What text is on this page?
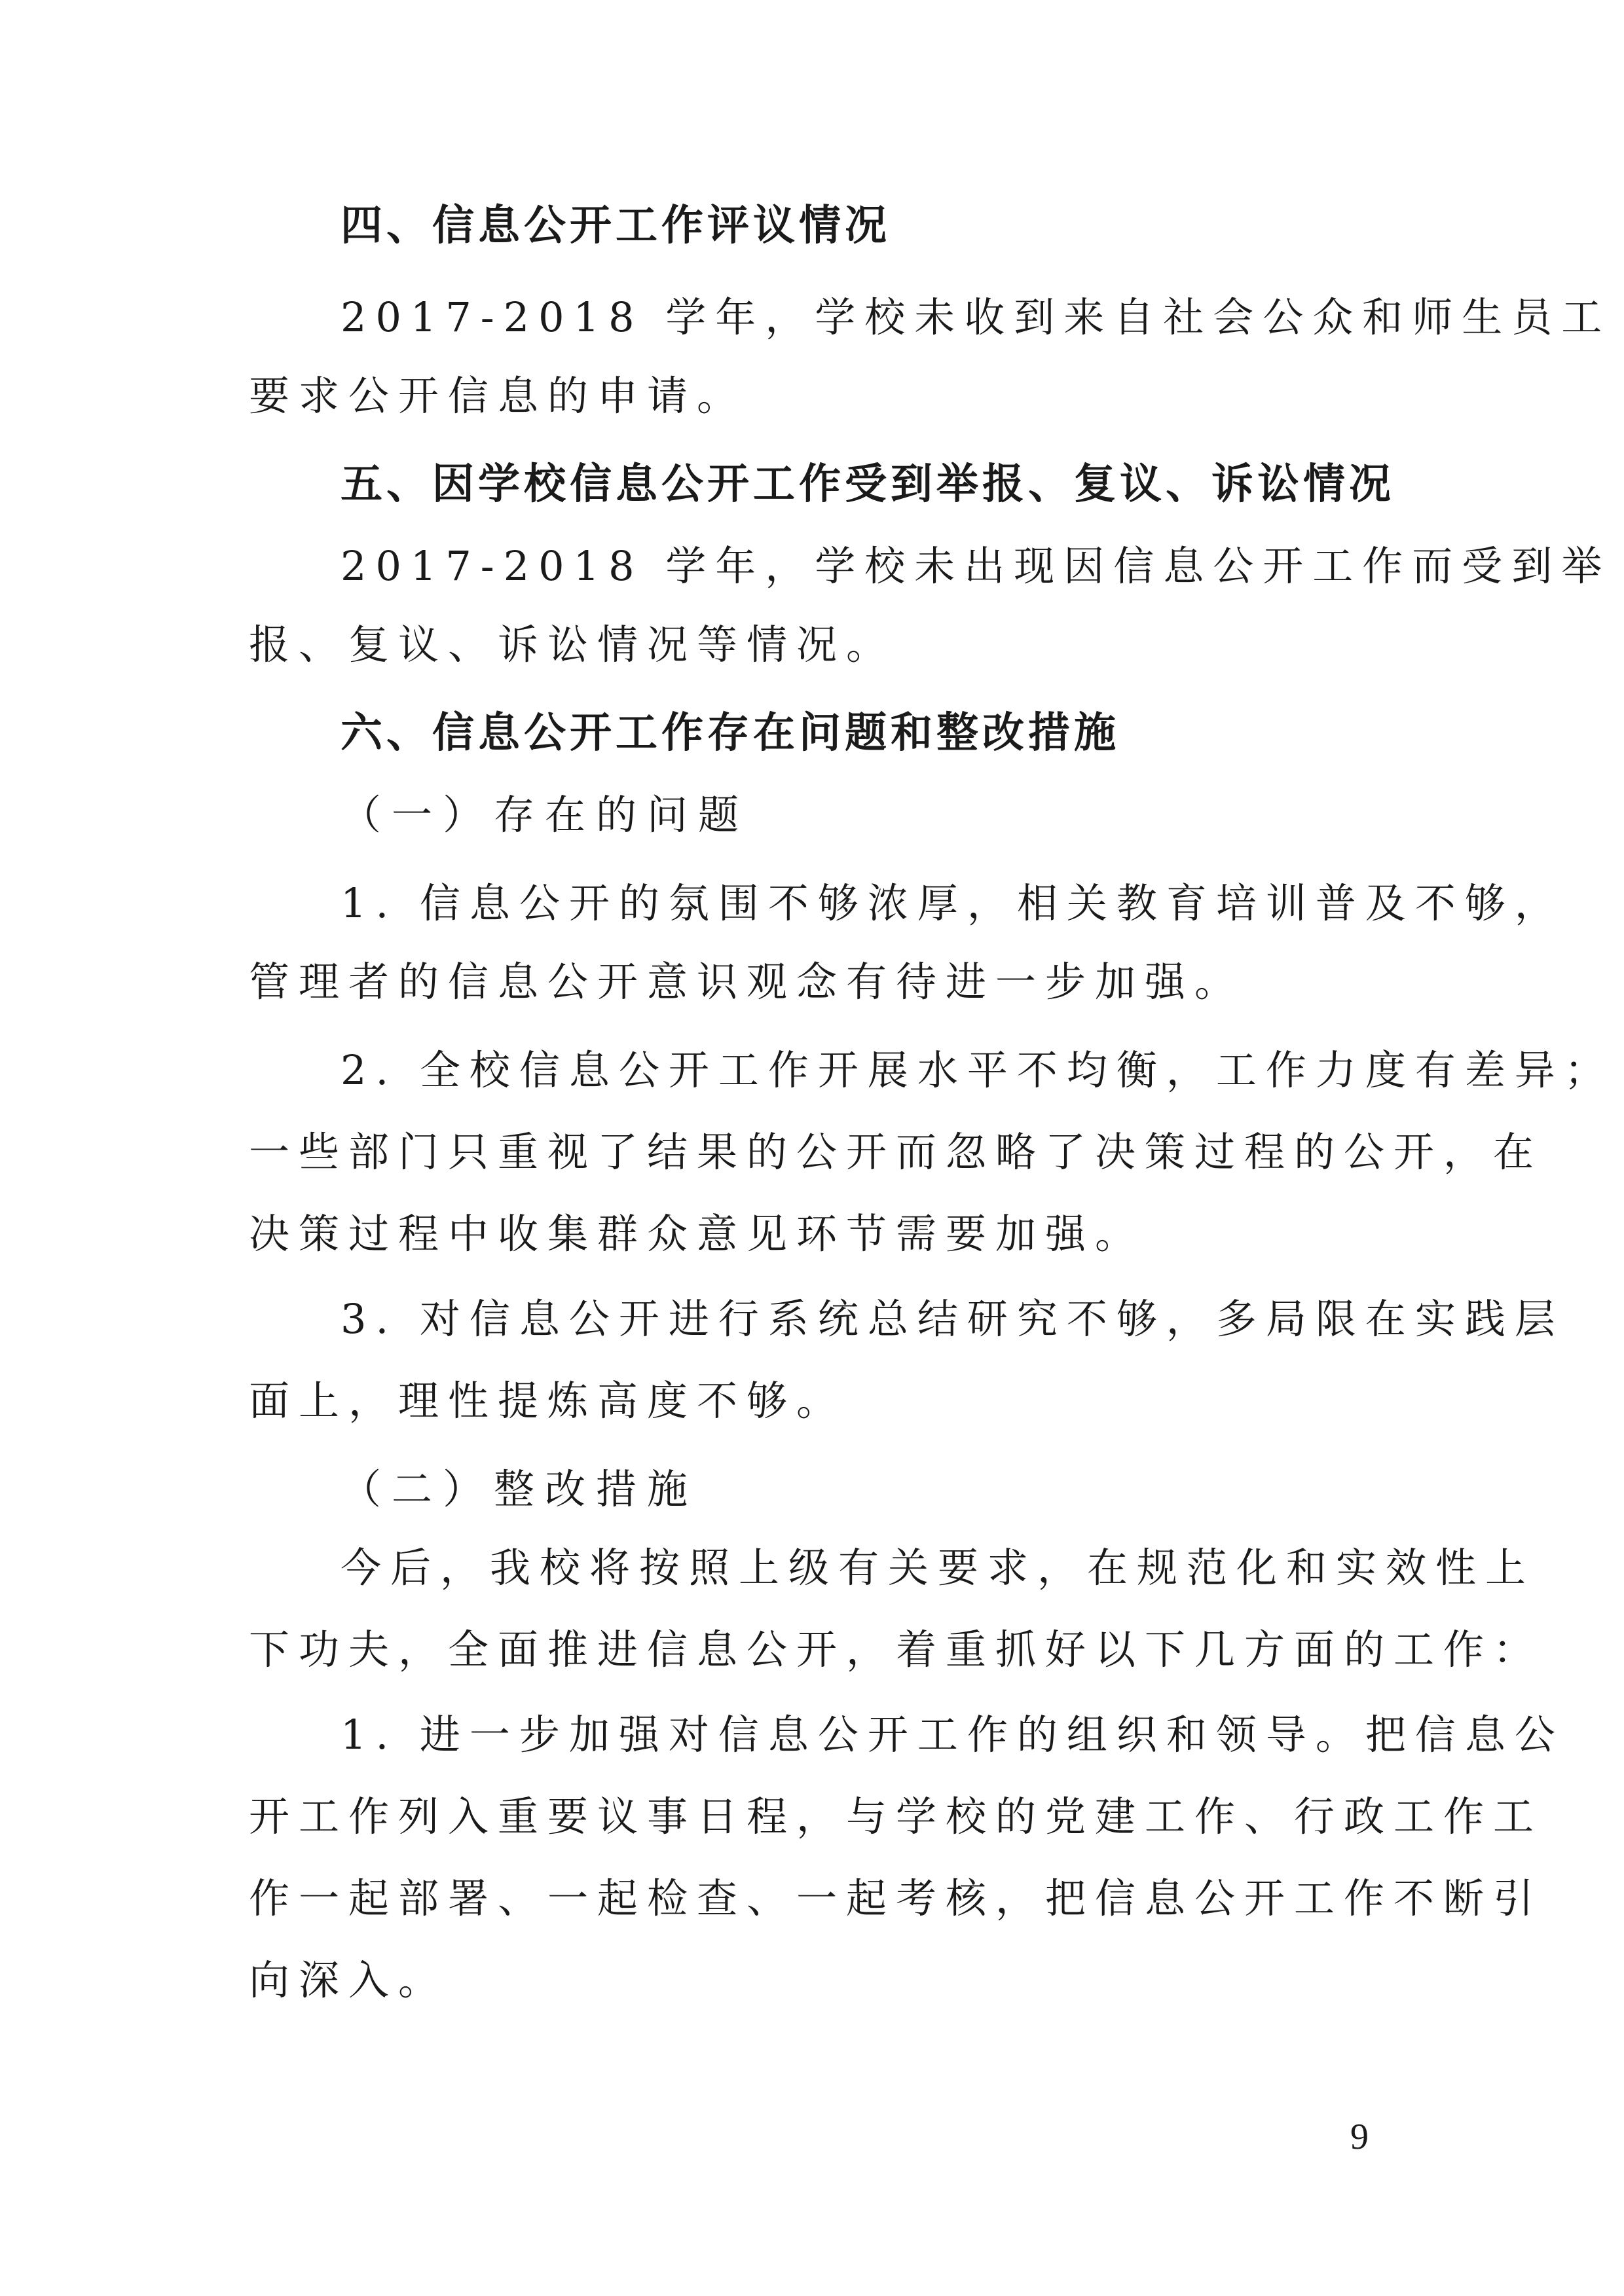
四、信息公开工作评议情况
2017-2018 学年，学校未收到来自社会公众和师生员工
要求公开信息的申请。
五、因学校信息公开工作受到举报、复议、诉讼情况
2017-2018 学年，学校未出现因信息公开工作而受到举
报、复议、诉讼情况等情况。
六、信息公开工作存在问题和整改措施
（一）存在的问题
1. 信息公开的氛围不够浓厚，相关教育培训普及不够，
管理者的信息公开意识观念有待进一步加强。
2. 全校信息公开工作开展水平不均衡，工作力度有差异；
一些部门只重视了结果的公开而忽略了决策过程的公开，在
决策过程中收集群众意见环节需要加强。
3. 对信息公开进行系统总结研究不够，多局限在实践层
面上，理性提炼高度不够。
（二）整改措施
今后，我校将按照上级有关要求，在规范化和实效性上
下功夫，全面推进信息公开，着重抓好以下几方面的工作：
1. 进一步加强对信息公开工作的组织和领导。把信息公
开工作列入重要议事日程，与学校的党建工作、行政工作工
作一起部署、一起检查、一起考核，把信息公开工作不断引
向深入。
9
